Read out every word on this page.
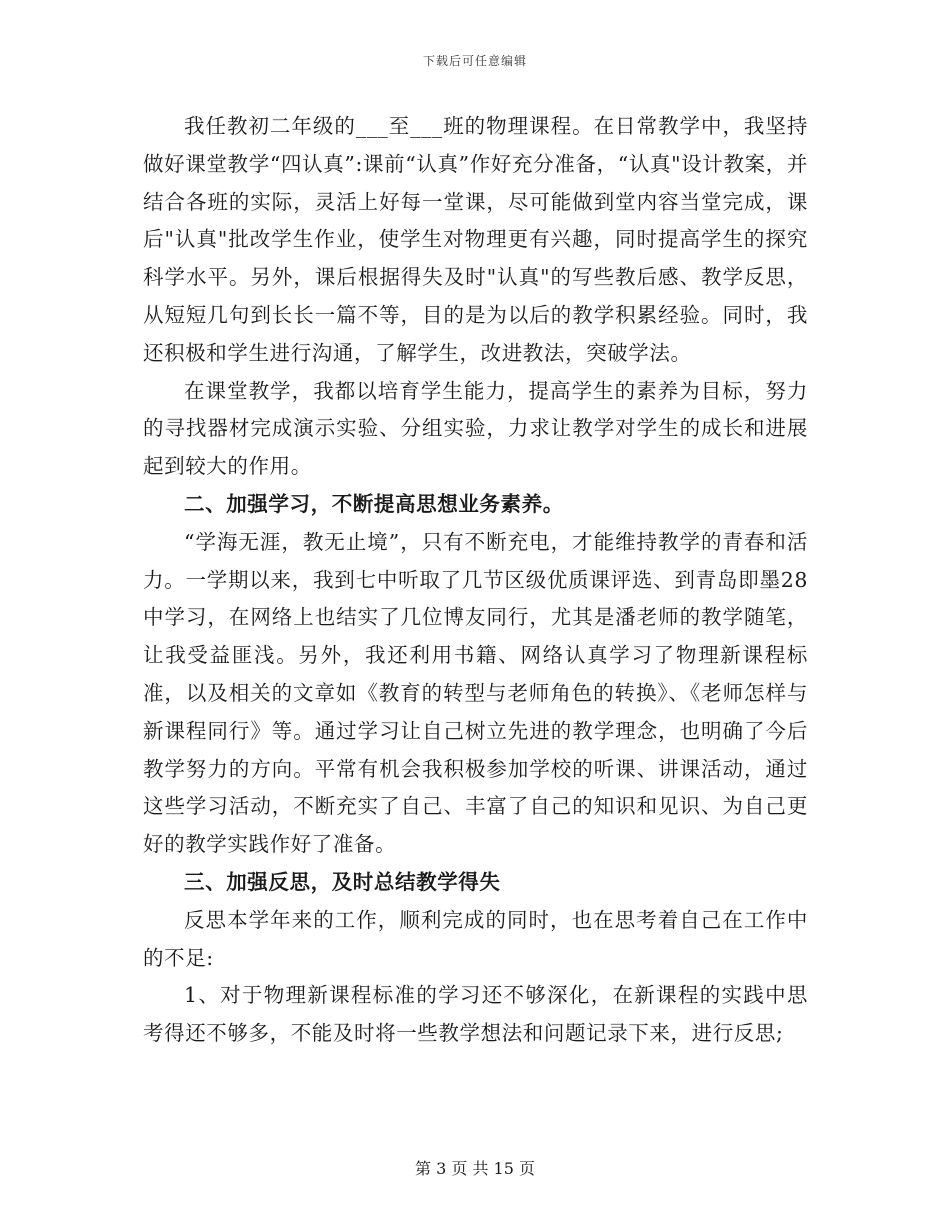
下载后可任意编辑

我任教初二年级的___至___班的物理课程。在日常教学中，我坚持做好课堂教学“四认真”:课前“认真”作好充分准备，“认真"设计教案，并结合各班的实际，灵活上好每一堂课，尽可能做到堂内容当堂完成，课后"认真"批改学生作业，使学生对物理更有兴趣，同时提高学生的探究科学水平。另外，课后根据得失及时"认真"的写些教后感、教学反思，从短短几句到长长一篇不等，目的是为以后的教学积累经验。同时，我还积极和学生进行沟通，了解学生，改进教法，突破学法。

在课堂教学，我都以培育学生能力，提高学生的素养为目标，努力的寻找器材完成演示实验、分组实验，力求让教学对学生的成长和进展起到较大的作用。

二、加强学习，不断提高思想业务素养。

“学海无涯，教无止境”，只有不断充电，才能维持教学的青春和活力。一学期以来，我到七中听取了几节区级优质课评选、到青岛即墨28中学习，在网络上也结实了几位博友同行，尤其是潘老师的教学随笔，让我受益匪浅。另外，我还利用书籍、网络认真学习了物理新课程标准，以及相关的文章如《教育的转型与老师角色的转换》、《老师怎样与新课程同行》等。通过学习让自己树立先进的教学理念，也明确了今后教学努力的方向。平常有机会我积极参加学校的听课、讲课活动，通过这些学习活动，不断充实了自己、丰富了自己的知识和见识、为自己更好的教学实践作好了准备。

三、加强反思，及时总结教学得失

反思本学年来的工作，顺利完成的同时，也在思考着自己在工作中的不足:

1、对于物理新课程标准的学习还不够深化，在新课程的实践中思考得还不够多，不能及时将一些教学想法和问题记录下来，进行反思;

第 3 页 共 15 页
